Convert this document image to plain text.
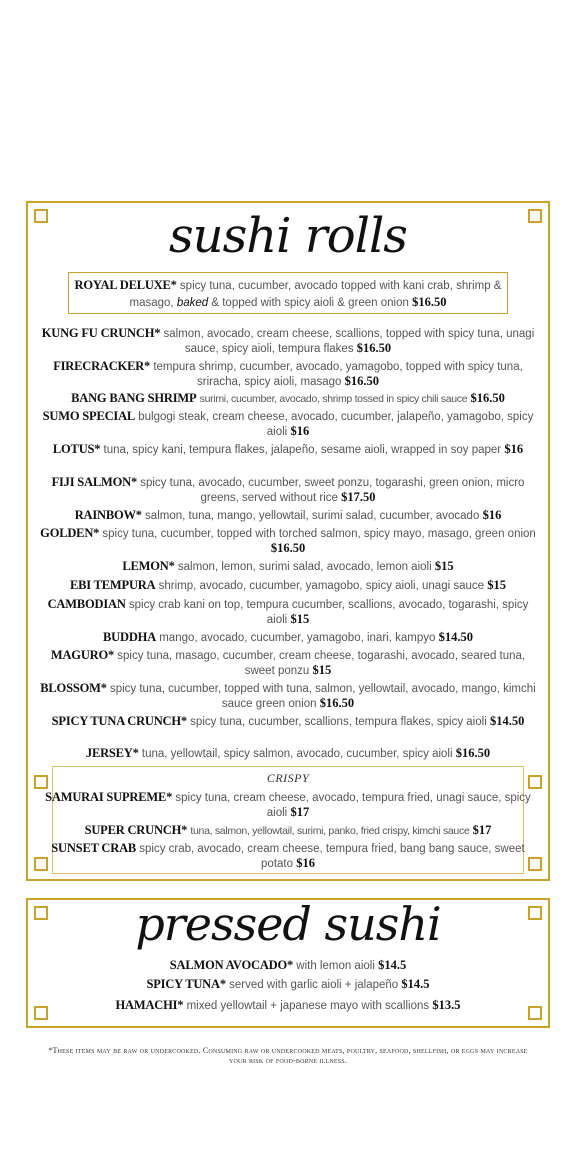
sushi rolls
ROYAL DELUXE* spicy tuna, cucumber, avocado topped with kani crab, shrimp & masago, baked & topped with spicy aioli & green onion $16.50
KUNG FU CRUNCH* salmon, avocado, cream cheese, scallions, topped with spicy tuna, unagi sauce, spicy aioli, tempura flakes $16.50
FIRECRACKER* tempura shrimp, cucumber, avocado, yamagobo, topped with spicy tuna, sriracha, spicy aioli, masago $16.50
BANG BANG SHRIMP surimi, cucumber, avocado, shrimp tossed in spicy chili sauce $16.50
SUMO SPECIAL bulgogi steak, cream cheese, avocado, cucumber, jalapeño, yamagobo, spicy aioli $16
LOTUS* tuna, spicy kani, tempura flakes, jalapeño, sesame aioli, wrapped in soy paper $16
FIJI SALMON* spicy tuna, avocado, cucumber, sweet ponzu, togarashi, green onion, micro greens, served without rice $17.50
RAINBOW* salmon, tuna, mango, yellowtail, surimi salad, cucumber, avocado $16
GOLDEN* spicy tuna, cucumber, topped with torched salmon, spicy mayo, masago, green onion $16.50
LEMON* salmon, lemon, surimi salad, avocado, lemon aioli $15
EBI TEMPURA shrimp, avocado, cucumber, yamagobo, spicy aioli, unagi sauce $15
CAMBODIAN spicy crab kani on top, tempura cucumber, scallions, avocado, togarashi, spicy aioli $15
BUDDHA mango, avocado, cucumber, yamagobo, inari, kampyo $14.50
MAGURO* spicy tuna, masago, cucumber, cream cheese, togarashi, avocado, seared tuna, sweet ponzu $15
BLOSSOM* spicy tuna, cucumber, topped with tuna, salmon, yellowtail, avocado, mango, kimchi sauce green onion $16.50
SPICY TUNA CRUNCH* spicy tuna, cucumber, scallions, tempura flakes, spicy aioli $14.50
JERSEY* tuna, yellowtail, spicy salmon, avocado, cucumber, spicy aioli $16.50
CRISPY
SAMURAI SUPREME* spicy tuna, cream cheese, avocado, tempura fried, unagi sauce, spicy aioli $17
SUPER CRUNCH* tuna, salmon, yellowtail, surimi, panko, fried crispy, kimchi sauce $17
SUNSET CRAB spicy crab, avocado, cream cheese, tempura fried, bang bang sauce, sweet potato $16
pressed sushi
SALMON AVOCADO* with lemon aioli $14.5
SPICY TUNA* served with garlic aioli + jalapeño $14.5
HAMACHI* mixed yellowtail + japanese mayo with scallions $13.5
*These items may be raw or undercooked. Consuming raw or undercooked meats, poultry, seafood, shellfish, or eggs may increase your risk of food-borne illness.
